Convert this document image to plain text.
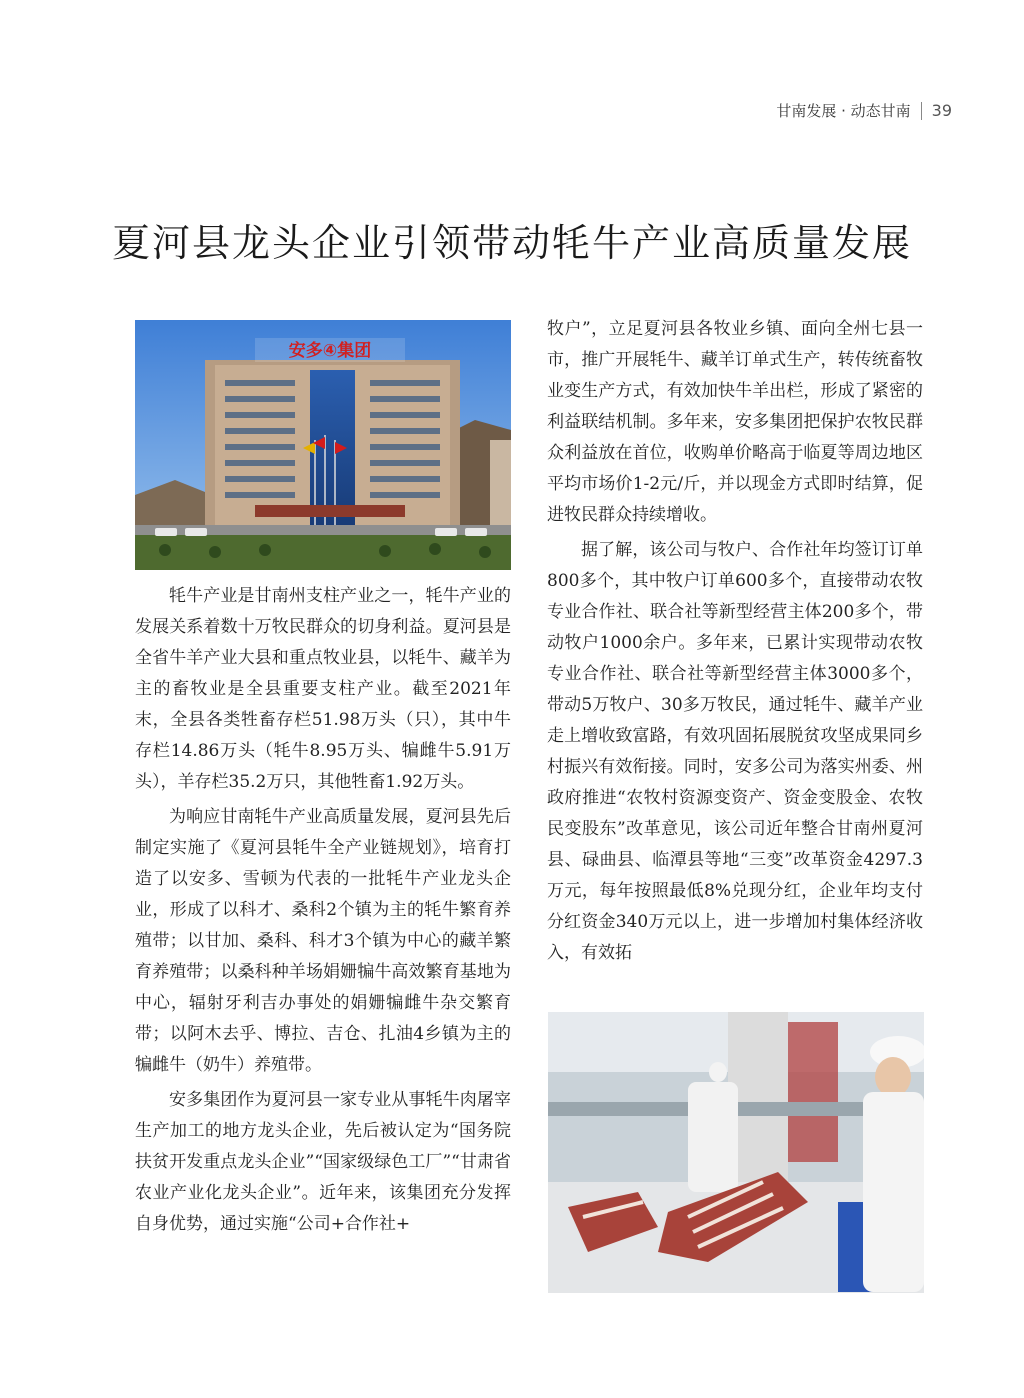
甘南发展 · 动态甘南 39
夏河县龙头企业引领带动牦牛产业高质量发展
安多④集团

牦牛产业是甘南州支柱产业之一，牦牛产业的发展关系着数十万牧民群众的切身利益。夏河县是全省牛羊产业大县和重点牧业县，以牦牛、藏羊为主的畜牧业是全县重要支柱产业。截至2021年末，全县各类牲畜存栏51.98万头（只），其中牛存栏14.86万头（牦牛8.95万头、犏雌牛5.91万头），羊存栏35.2万只，其他牲畜1.92万头。

为响应甘南牦牛产业高质量发展，夏河县先后制定实施了《夏河县牦牛全产业链规划》，培育打造了以安多、雪顿为代表的一批牦牛产业龙头企业，形成了以科才、桑科2个镇为主的牦牛繁育养殖带；以甘加、桑科、科才3个镇为中心的藏羊繁育养殖带；以桑科种羊场娟姗犏牛高效繁育基地为中心，辐射牙利吉办事处的娟姗犏雌牛杂交繁育带；以阿木去乎、博拉、吉仓、扎油4乡镇为主的犏雌牛（奶牛）养殖带。

安多集团作为夏河县一家专业从事牦牛肉屠宰生产加工的地方龙头企业，先后被认定为“国务院扶贫开发重点龙头企业”“国家级绿色工厂”“甘肃省农业产业化龙头企业”。近年来，该集团充分发挥自身优势，通过实施“公司+合作社+

牧户”，立足夏河县各牧业乡镇、面向全州七县一市，推广开展牦牛、藏羊订单式生产，转传统畜牧业变生产方式，有效加快牛羊出栏，形成了紧密的利益联结机制。多年来，安多集团把保护农牧民群众利益放在首位，收购单价略高于临夏等周边地区平均市场价1-2元/斤，并以现金方式即时结算，促进牧民群众持续增收。

据了解，该公司与牧户、合作社年均签订订单800多个，其中牧户订单600多个，直接带动农牧专业合作社、联合社等新型经营主体200多个，带动牧户1000余户。多年来，已累计实现带动农牧专业合作社、联合社等新型经营主体3000多个，带动5万牧户、30多万牧民，通过牦牛、藏羊产业走上增收致富路，有效巩固拓展脱贫攻坚成果同乡村振兴有效衔接。同时，安多公司为落实州委、州政府推进“农牧村资源变资产、资金变股金、农牧民变股东”改革意见，该公司近年整合甘南州夏河县、碌曲县、临潭县等地“三变”改革资金4297.3万元，每年按照最低8%兑现分红，企业年均支付分红资金340万元以上，进一步增加村集体经济收入，有效拓
